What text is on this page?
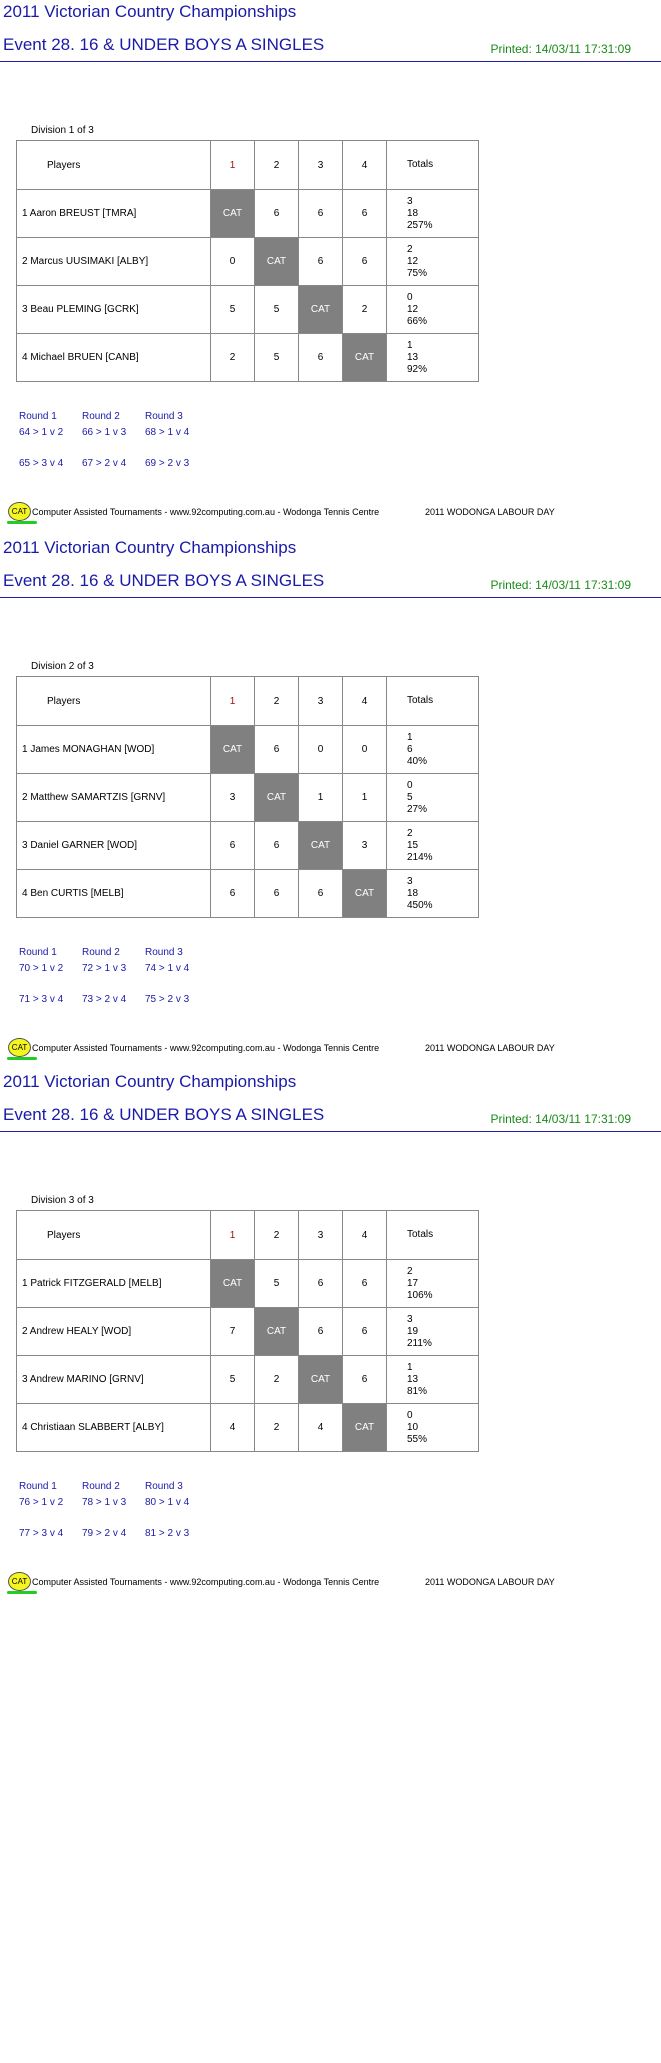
2011 Victorian Country Championships
Event 28. 16 & UNDER BOYS A SINGLES	Printed: 14/03/11 17:31:09
Division 1 of 3
Players	1	2	3	4	Totals
1 Aaron BREUST [TMRA]	CAT	6	6	6	3
18
257%

2 Marcus UUSIMAKI [ALBY]	0	CAT	6	6	2
12
75%

3 Beau PLEMING [GCRK]	5	5	CAT	2	0
12
66%

4 Michael BRUEN [CANB]	2	5	6	CAT	1
13
92%
Round 1	Round 2	Round 3
64 > 1 v 2 66 > 1 v 3 68 > 1 v 4
65 > 3 v 4 67 > 2 v 4 69 > 2 v 3
CAT Computer Assisted Tournaments - www.92computing.com.au - Wodonga Tennis Centre	2011 WODONGA LABOUR DAY
2011 Victorian Country Championships
Event 28. 16 & UNDER BOYS A SINGLES	Printed: 14/03/11 17:31:09
Division 2 of 3
Players	1	2	3	4	Totals
1 James MONAGHAN [WOD]	CAT	6	0	0	1
6
40%

2 Matthew SAMARTZIS [GRNV]	3	CAT	1	1	0
5
27%

3 Daniel GARNER [WOD]	6	6	CAT	3	2
15
214%

4 Ben CURTIS [MELB]	6	6	6	CAT	3
18
450%
Round 1	Round 2	Round 3
70 > 1 v 2 72 > 1 v 3 74 > 1 v 4
71 > 3 v 4 73 > 2 v 4 75 > 2 v 3
CAT Computer Assisted Tournaments - www.92computing.com.au - Wodonga Tennis Centre	2011 WODONGA LABOUR DAY
2011 Victorian Country Championships
Event 28. 16 & UNDER BOYS A SINGLES	Printed: 14/03/11 17:31:09
Division 3 of 3
Players	1	2	3	4	Totals
1 Patrick FITZGERALD [MELB]	CAT	5	6	6	2
17
106%

2 Andrew HEALY [WOD]	7	CAT	6	6	3
19
211%

3 Andrew MARINO [GRNV]	5	2	CAT	6	1
13
81%

4 Christiaan SLABBERT [ALBY]	4	2	4	CAT	0
10
55%
Round 1	Round 2	Round 3
76 > 1 v 2 78 > 1 v 3 80 > 1 v 4
77 > 3 v 4 79 > 2 v 4 81 > 2 v 3
CAT Computer Assisted Tournaments - www.92computing.com.au - Wodonga Tennis Centre	2011 WODONGA LABOUR DAY
